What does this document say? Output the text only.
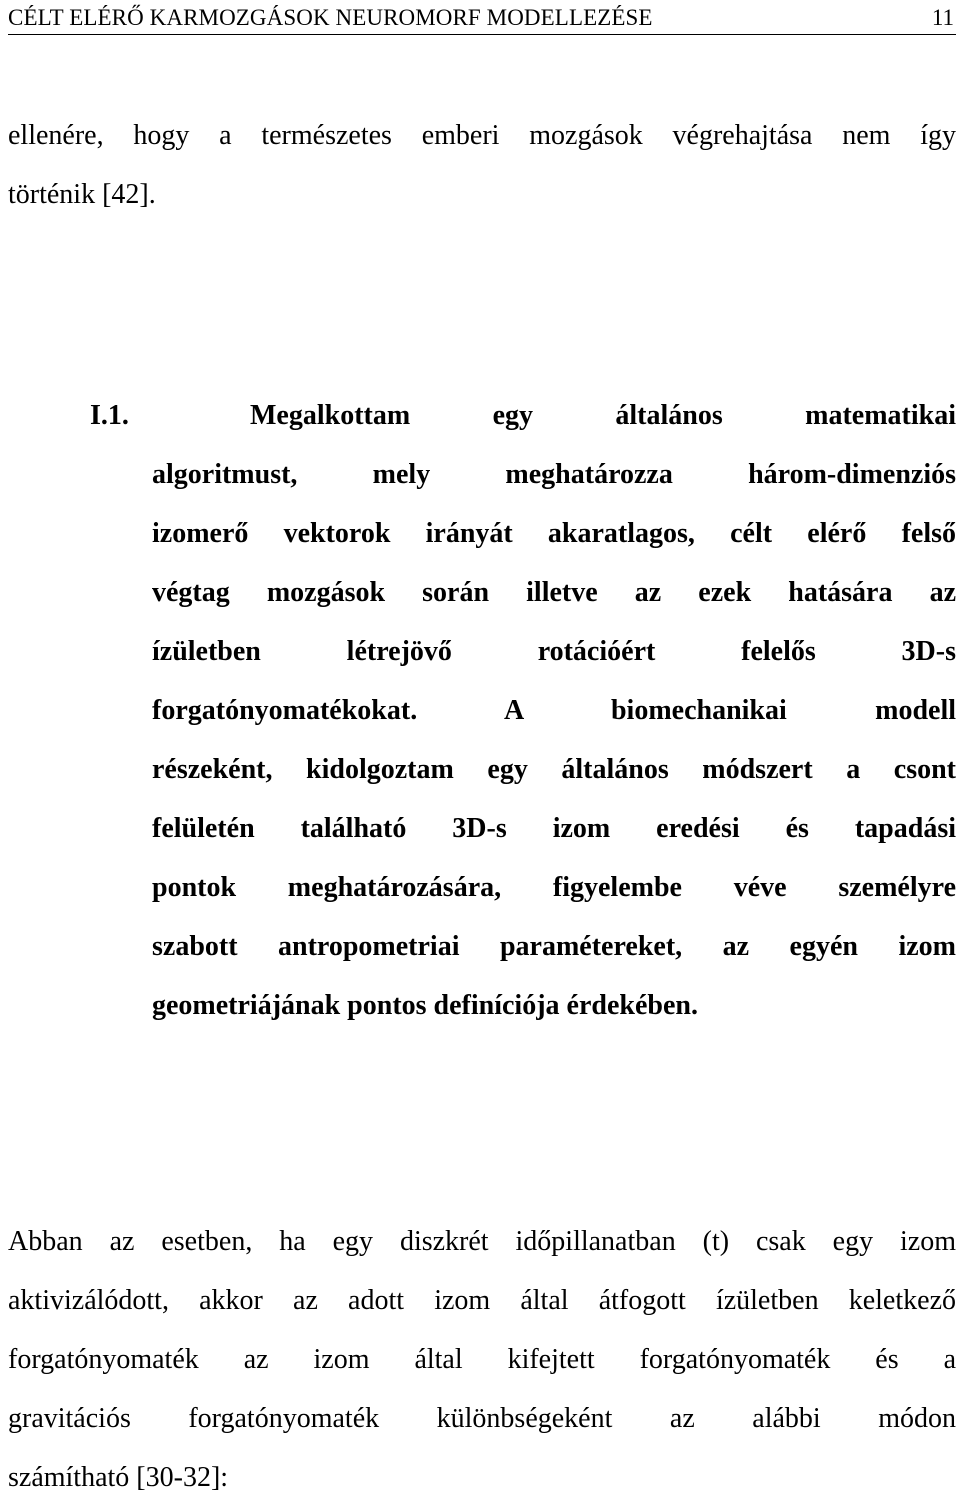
CÉLT ELÉRŐ KARMOZGÁSOK NEUROMORF MODELLEZÉSE	11
ellenére, hogy a természetes emberi mozgások végrehajtása nem így
történik [42].
I.1.	Megalkottam egy általános matematikai
algoritmust, mely meghatározza három-dimenziós
izomerő vektorok irányát akaratlagos, célt elérő felső
végtag mozgások során illetve az ezek hatására az
ízületben létrejövő rotációért felelős 3D-s
forgatónyomatékokat. A biomechanikai modell
részeként, kidolgoztam egy általános módszert a csont
felületén található 3D-s izom eredési és tapadási
pontok meghatározására, figyelembe véve személyre
szabott antropometriai paramétereket, az egyén izom
geometriájának pontos definíciója érdekében.
Abban az esetben, ha egy diszkrét időpillanatban (t) csak egy izom
aktivizálódott, akkor az adott izom által átfogott ízületben keletkező
forgatónyomaték az izom által kifejtett forgatónyomaték és a
gravitációs forgatónyomaték különbségeként az alábbi módon
számítható [30-32]:
